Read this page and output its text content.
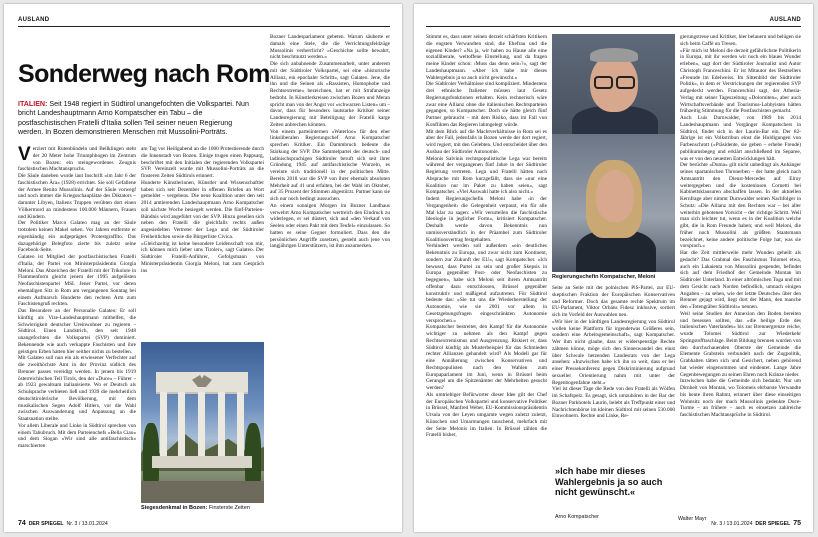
AUSLAND
Sonderweg nach Rom
ITALIEN: Seit 1948 regiert in Südtirol unangefochten die Volkspartei. Nun bricht Landeshauptmann Arno Kompatscher ein Tabu – die postfaschistischen Fratelli d'Italia sollen Teil seiner neuen Regierung werden. In Bozen demonstrieren Menschen mit Mussolini-Porträts.

Verziert mit Rutenbündeln und Beilklingen steht der 20 Meter hohe Triumphbogen im Zentrum von Bozen: ein steingewordenes Zeugnis faschistischen Machtanspruchs.

Die Säule daneben wurde laut Inschrift »im Jahr 6 der faschistischen Ära« (1928) errichtet. Sie soll Gefallene der Armee Benito Mussolinis. Auf der Säule vorwegf und noch immer die Kriegsschauplätze des Diktators – darunter Libyen, Italiens Truppen verübten dort einen Völkermord an mindestens 100.000 Männern, Frauen und Kindern.

Der Politiker Marco Galateo mag an der Säule trotzdem keinen Makel sehen. Vor Jahren entfernte er eigenhändig ein aufgeprägtes Protestgraffito. Das dazugehörige Belegfoto zierte bis zuletzt seine Facebook-Seite.

Galateo ist Mitglied der postfaschistischen Fratelli d'Italia, der Partei von Ministerpräsidentin Giorgia Meloni. Das Abzeichen der Fratelli mit der Trikolore in Flammenform gleicht jenem der 1995 aufgelösten Neofaschistenpartei MSI. Jener Partei, vor deren ehemaligen Sitz in Rom am vergangenen Sonntag bei einem Aufmarsch Hunderte den rechten Arm zum Faschistengruß reckten.

Das Besondere an der Personalie Galateo: Er soll künftig als Vize-Landeshauptmann mithelfen, die Schwierigkeit deutscher Ureinwohner zu regieren – Südtirol. Einen Landstrich, den seit 1948 unangefochten die Volkspartei (SVP) dominiert. Bekennende wie auch verkappte Faschisten und ihre geistigen Erben hatten hier seither nichts zu bestellen.

Mit Galateo soll nun ein als erwiesener Verfechter auf die zweithöchste Amt in der Provinz südlich des Brenner passes vereidigt werden. In jenem bis 1919 österreichischen Teil Tirols, den der »Duce« – Führer – ab 1923 gewaltsam italianisierte. Wo er Deutsch als Schulsprache verbieten ließ und 1939 die mehrheitlich deutschtirolerische Bevölkerung, mit dem musikalischen Segen Adolf Hitlers, vor die Wahl zwischen Auswanderung und Anpassung an die Staatsnation stellte.

Vor allem Liberale und Linke in Südtirol sprechen von einem Tabubruch. Mit dem Parteienchefs »Bella Ciao« und dem Slogan »Wir sind alle antifaschistisch« marschierten

am Tag vor Heiligabend an die 1000 Protestierende durch die Innenstadt von Bozen. Einige trugen einen Pappsarg, beschriftet mit den Initialen der regierenden Volkspartei SVP. Vereinzelt wurde mit Mussolini-Porträts an die finsteren Zeiten Südtirols erinnert.

Hunderte Künstlerinnen, Künstler und Wissenschaftler haben sich seit Dezember in offenen Briefen an Wort gemeldet – vergebens. Die neue Koalition unter den seit 2014 amtierenden Landeshauptmann Arno Kompatscher soll nächste Woche besiegelt werden. Die fünf-Parteien-Bündnis wird angeführt von der SVP. Hinzu gesellen sich neben den Fratelli die gleichfalls rechts außen angesiedelten Vertreter der Lega und der Südtiroler Freiheitlichen sowie die Bürgerliste Civica.

»Gleichzeitig ist keine besondere Leidenschaft von mir, ich können mich lieber ums Tiroler«, sagt Galateo. Der Südtiroler Fratelli-Anführer, Gefolgsmann von Ministerpräsidentin Giorgia Meloni, hat zum Gespräch ins

Bozner Landesparlament gebeten. Warum säuberte er damals eine Stele, die die Verrichtungsfeldzüge Mussolinis verherrlicht? »Geschichte sollte bewahrt, nicht beschmutzt werden.«

Die sich anbahnende Zusammenarbeit, unter anderem mit der Südtiroler Volkspartei, sei eine »historische Allianz, ein epochaler Schritt«, sagt Galateo. Jene, die ihn und die Seinen als »Rassisten, Homophobe und Rechtsextreme« bezeichnen, hat er mit Strafanzeige bedroht. In Künstlerkreisen zwischen Bozen und Meran spricht man von der Angst vor »schwarzen Listen« um – davor, dass für besonders lautstarke Kritiker seiner Landesregierung mit Beteiligung der Fratelli karge Zeiten anbrechen könnten.

Von einem parteiinternen »Waterloo« für den eher linksliberalen Regierungschef Arno Kompatscher sprechen Kritiker. Ein Dammbruch bedeute die Stärkung der SVP. Die Sammelpartei der deutsch- und ladinischsprachigen Südtiroler beruft sich seit ihrer Gründung 1945 auf antifaschistische Wurzeln, es vereinte sich traditionell in der politischen Mitte. Bereits 2018 war die SVP von ihrer ehemals absoluten Mehrheit auf 41 und erfalten, bei der Wahl im Oktober, auf 35 Prozent der Stimmen abgestürzt. Partner kann sie sich nur noch bedingt aussuchen.

An einem sonnigen Morgen im Bozner Landhaus verwehrt Arno Kompatscher wertreich den Eindruck zu widerlegen, er sei düstert, sich aud »den Verkauf von Seelen oder einen Pakt mit dem Teufel« einzulassen. So hatten es seine Gegner formuliert. Dass den die persönlichen Angriffe zusetzen, gesteht auch jene von langjährigen Unterstützern, ist ihm anzumerken.

Siegesdenkmal in Bozen: Finsterste Zeiten
74 DER SPIEGEL Nr. 3 / 13.01.2024
AUSLAND

Stimmt es, dass unter seinen derzeit schärfsten Kritikern die engsten Verwandten sind, die Ehefrau und die eigenen Kinder? »Na ja, wir haben zu Hause alle eine sozialliberale, weltoffene Einstellung, und da fragen meine Kinder schon: ›Muss das denn sein‹?«, sagt der Landeshauptmann. »Aber ich habe mir dieses Wahlergebnis ja so auch nicht gewünscht.«

Die Südtiroler Verhältnisse sind kompliziert. Mindestens drei ethnische Italiener müssen laut Gesetz Regierungsfunktionen erhalten. Kein rechnerisch wäre zwar eine Allianz ohne die italienischen Rechtsparteien gegangen, so Kompatscher. Doch sie hätte gleich fünf Partner gebraucht – mit dem Risiko, dass im Fall von Konflikten das Regieren lahmgelegt würde.

Mit dem Blick auf die Machtverhältnisse in Rom sei es aber der Fall, jedenfalls in Bozen werde der dort regiert, wird regiert, mit den Gelebten. Und entscheidet über den Ausbau der Südtiroler Autonomie.

Melonis Salvinis rechtspopulistische Lega war bereits während der vergangenen fünf Jahre in der Südtiroler Regierung vertreten. Lega und Fratelli hätten nach Absprache mit Rom kurzgefällt, dass sie »nur eine Koalition nur im Paket zu haben seien«, sagt Kompatscher. »Viel Auswahl hatte ich also nicht.«

Indem Regierungschefin Meloni habe ›in der Vergangenheit‹ die Gelegenheit verpasst, ein für alle Mal klar zu sagen: »Wir verurteilen die faschistische Ideologie in jeglicher Form«, kritisiert Kompatscher. Deshalb werde davon Bekenntnis nun unmissverständlich in der Präambel zum Südtiroler Koalitionsvertrag festgehalten.

Verhindert werden soll außerdem »ein deutliches Bekenntnis zu Europa, und zwar nicht zum Kontinent, sondern zur Zukunft der EU«, sagt Kompatscher. »Ich bewusst, dass Partei zu sein und großer Skepsis in Europa gegenüber Post- oder Neofaschisten zu begegnen«, habe sich Meloni seit ihrem Amtsantritt offenbar dazu entschlossen, Brüssel gegenüber konstruktiv und mäßigend aufzutreten. Für Südtirol bedeute das: »Sie tut uns die Wiederherstellung der Autonomie, wie sie 2001 vor allem in Gesetzgebungsfragen eingeschränkten Autonomie versprochen.«

Kompatscher bestreitet, den Kampf für die Autonomie wichtiger zu nehmen als den Kampf gegen Rechtsextremismus und Ausgrenzung. Riskiert er, dass Südtirol künftig als Musterbeispiel für das Schmieden rechter Allianzen gehandelt wird? Als Modell gar für eine Annäherung zwischen Konservativen und Rechtspopulisten nach den Wahlen zum Europaparlament im Juni, wenn in Brüssel beim Gerangel um die Spitzenämter der Mehrheiten gesucht werden?

Als umtriebiger Befürworter dieser Idee gilt der Chef der Europäischen Volkspartei und konservative Politiker in Brüssel, Manfred Weber. EU-Kommissionspräsidentin Ursula von der Leyen umgarnte wegen zuletzt zuletzt, Künschen und Umarmungen tauschend, mehrfach mit der Seite Melonis im Italien. In Brüssel zählen die Fratelli bisher,

Regierungschefin Kompatscher, Meloni

Seite an Seite mit der polnischen PiS-Partei, zur EU-skeptischen Fraktion der Europäischen Konservativen und Reformer. Doch das gesamte rechte Spektrum im EU-Parlament, Viktor Orbáns Fidesz inklusive, sortiert sich im Vorfeld der Auswahlen neu.

»Wir hier in der künftigen Landesregierung von Südtirol wollen keine Plattform für irgendetwas Größeres sein, sondern eine Arbeitsgemeinschaft«, sagt Kompatscher. Wer ihm nicht glaube, dass er widerspenstige Rechte zähmen könne, möge sich den Sinneswandel des einst über Schwule hetzenden Landesrats von der Lega ansehen: »Inzwischen habe ich ihn so weit, dass er bei einer Pressekonferenz gegen Diskriminierung aufgrund sexueller Orientierung nahm mit unter der Regenbogenfahne steht.«

Viel ist dieser Tage die Rede von den Fratelli als Wölfen im Schafspelz. Es gesagt, sich umzuhören in der Bar der Bozner Parkhotels Laurin, belebt als Treffpunkt einer und Nachrichtenbörse im kleinen Südtirol mit seinen 530.000 Einwohnern. Rechte und Linke, Re-

»Ich habe mir dieses Wahlergebnis ja so auch nicht gewünscht.«
Arno Kompatscher

gierungstreue und Kritiker, hier belauern und belügen sie sich beim Caffè un Tresen.

»Für mich ist Meloni die derzeit gefährlichste Politikerin in Europa, mit ihr werden wir noch ein blaues Wunder erleben«, sagt dort der Südtiroler Journalist und Autor Christoph Franceschini. Er ist Mitautor des Bestsellers »Freunde im Edelweiss. Im Sittenbild der Südtiroler Politik«, in dem er Verstrickungen der regierenden SVP aufgedeckt werden. Franceschini sagt, der Athesia-Verlag mit seiner Tageszeitung »Dolomiten«, aber auch Wirtschaftsverbände und Tourismus-Lobbyisten hätten frühzeitig Stimmung für die Postfaschisten gemacht.

Auch Luis Durnwalder, von 1989 bis 2014 Landeshauptmann und Vorgänger Kompatschers in Südtirol, findet sich in der Laurin-Bar ein. Der 82-Jährige ist ein Volkstribun einst die Huldigungen von Farbenschrott (»Präsidente, sie geben – erhebe Freude) publikumsbegeg und erklärt anschließend im Separee, was er von den neuesten Entwicklungen hält.

Der berüchte »Duma« gilt nicht unbedingt als Anhänger seines spartanischen Thronerben – der hatte gleich nach Amtsantritt den Dienst-Mercedes auf Elroy weitergegeben und die kostenlosen Cornetti bei Kabinettsklausuren abschaffen lassen. In der aktuellen Kernfrage aber nimmt Durnwalder seinen Nachfolger in Schutz: »Die Allianz mit den Rechten war – bei aller weiterhin gebotenen Vorsicht – der richtige Schritt. Weil man sich leichter tut, wenn es in der Koalition welche gibt, die in Rom Freunde haben; und weil Meloni, die früher noch Mussolini als größten Staatsmann bezeichnet, keine andere politische Folge hat, was sie vorsprach.«

Hat die Zeit mittlerweile mehr Wunden geheilt als gedacht? Das Grabmal des Faschismus Tolomei etwa, auch ein Lakaienta von Mussolini gespendet, befindet sich auf dem Friedhof der Gemeinde Montan im Südtiroler Unterland. In einer altrömischen Toga und mit dem Gesicht nach Norden befindlich, umnach einigen Angaben – zu sehen, wie der letzte Deutsche« über den Brenner gejagt wird, liegt dort der Mann, den manche den »Totengräber Südtirols« nennen.

Weil seine Studien der Annexion den Boden bereiten und besessen sollten, das »die heilige Erde des italienischen Vaterlandes« bis zur Brennergrenze reiche, wurde Tolomei Südtirol zur Wiederkehr Springstofftaschlage. Beim Bildung brennen wurden von den durchschauenden Oberste der Gemeinde die Elemente Grabstein verbundelt nach der Zugpolitik, Grabhalten tätten sich und Gesichert, neben gehörend hat wieder eingenommen und eindeutet. Lange Jahre Gegenbewegungen zu seinen Ehren noch Kränze nieder.

Inzwischen habe die Gemeinde sich bedankt. Nur um Dirnheit von Montan, wo Tolomeis ehrbarste Verwandte bis heute ihren Rahmt, erinnert über diese einseitigen Wohnsitz noch der mach Mussolinis gedenkte Duce-Turme – an frühere – auch es einsetzen zahlreiche faschistischen Machtansprüche in Südtirol.

Walter Mayr
Nr. 3 / 13.01.2024 DER SPIEGEL 75
